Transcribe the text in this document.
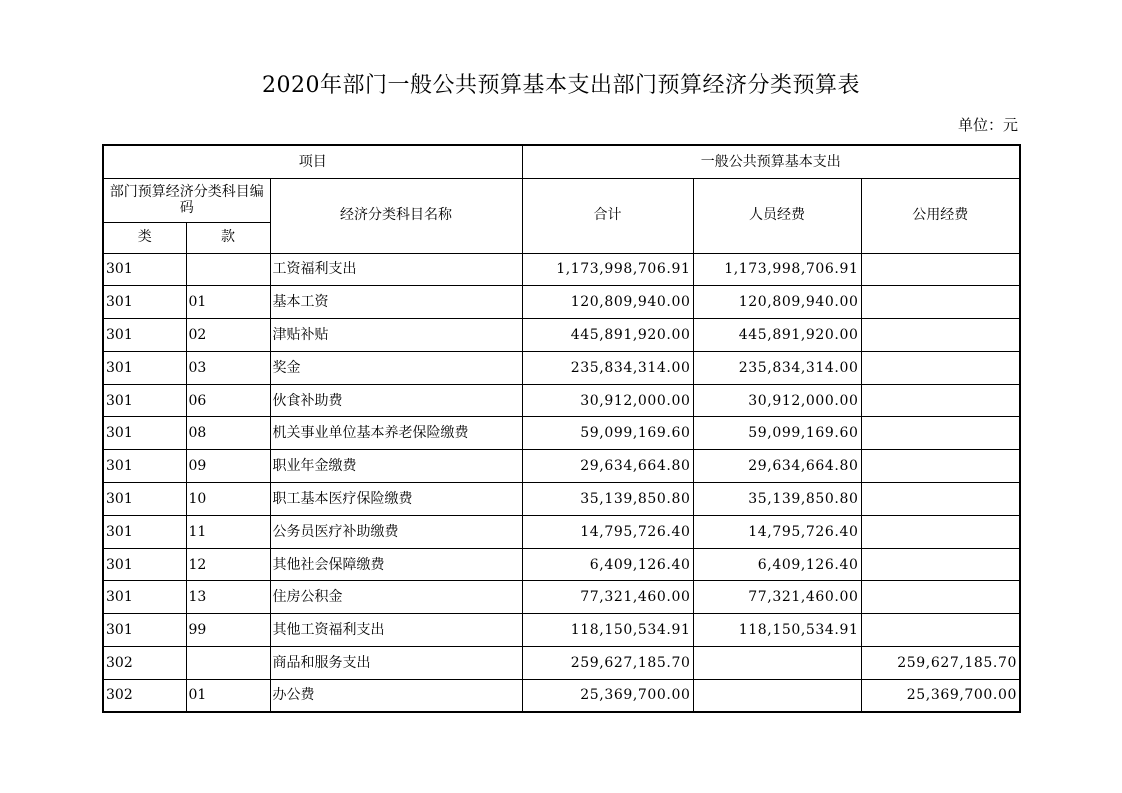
2020年部门一般公共预算基本支出部门预算经济分类预算表
单位：元
项目			一般公共预算基本支出		
部门预算经济分类科目编码		经济分类科目名称	合计	人员经费	公用经费
类	款				
301		工资福利支出	1,173,998,706.91	1,173,998,706.91	
301	01	基本工资	120,809,940.00	120,809,940.00	
301	02	津贴补贴	445,891,920.00	445,891,920.00	
301	03	奖金	235,834,314.00	235,834,314.00	
301	06	伙食补助费	30,912,000.00	30,912,000.00	
301	08	机关事业单位基本养老保险缴费	59,099,169.60	59,099,169.60	
301	09	职业年金缴费	29,634,664.80	29,634,664.80	
301	10	职工基本医疗保险缴费	35,139,850.80	35,139,850.80	
301	11	公务员医疗补助缴费	14,795,726.40	14,795,726.40	
301	12	其他社会保障缴费	6,409,126.40	6,409,126.40	
301	13	住房公积金	77,321,460.00	77,321,460.00	
301	99	其他工资福利支出	118,150,534.91	118,150,534.91	
302		商品和服务支出	259,627,185.70		259,627,185.70
302	01	办公费	25,369,700.00		25,369,700.00
